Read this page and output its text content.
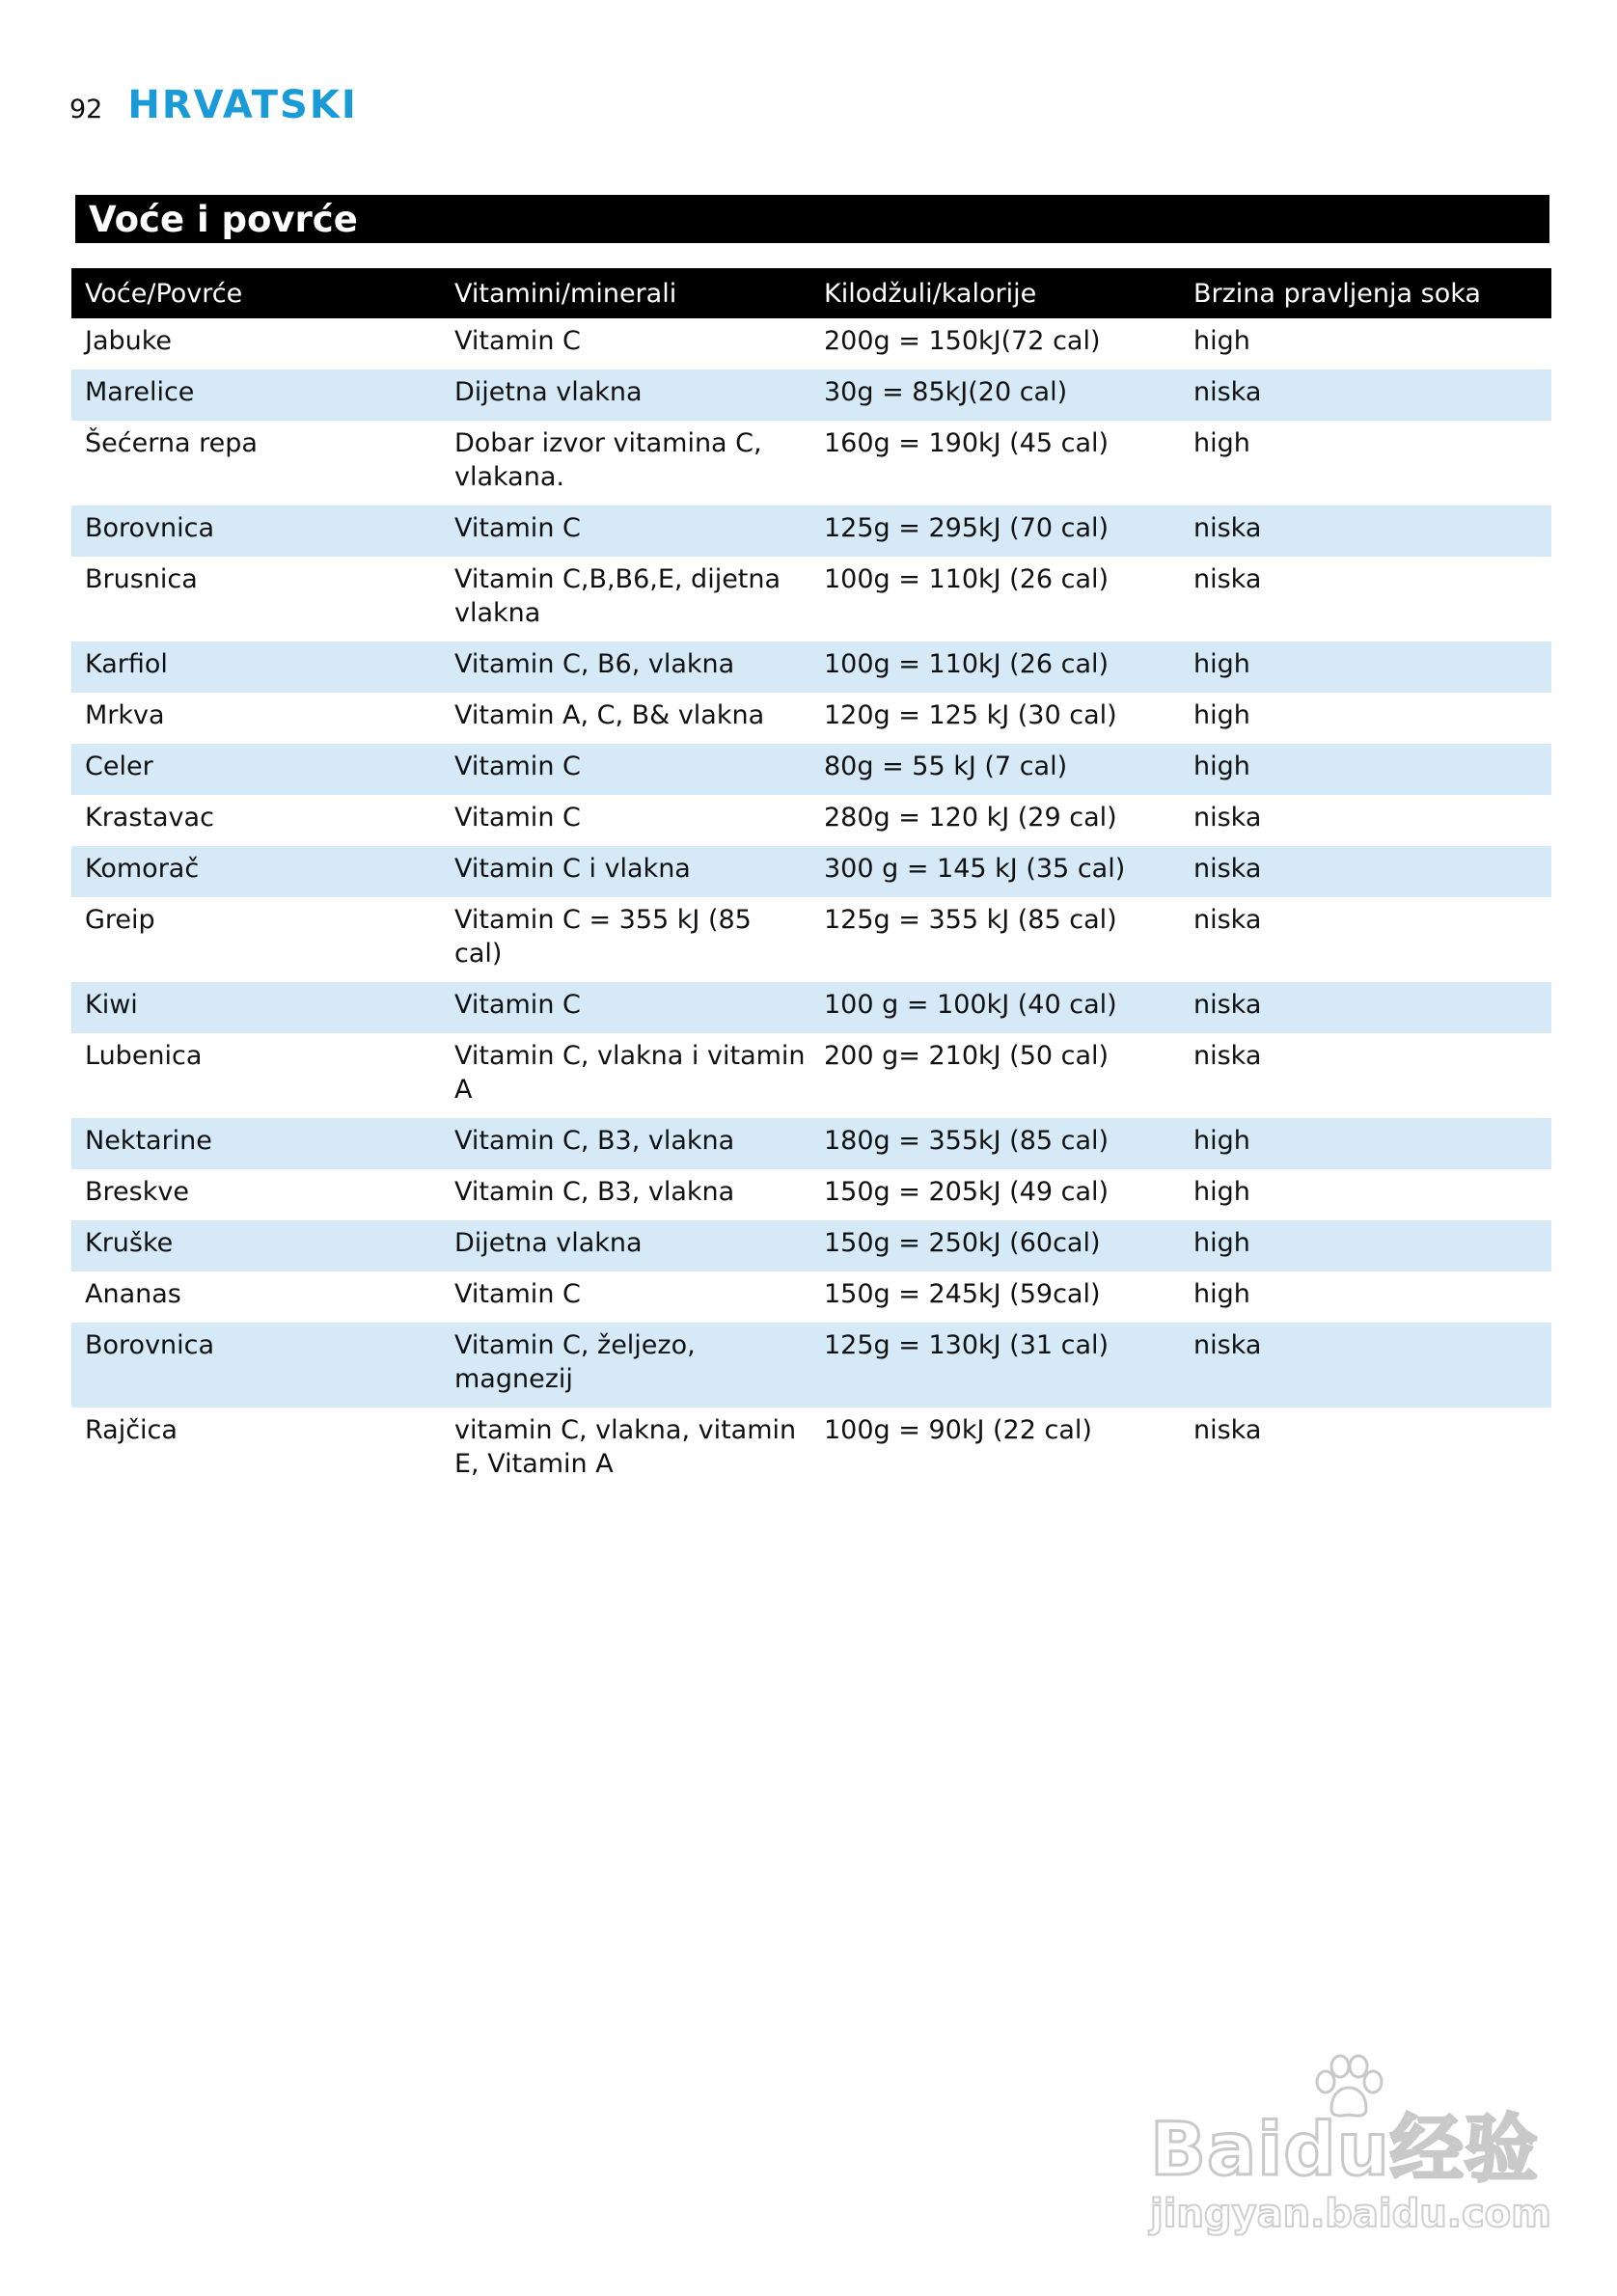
92 HRVATSKI
Voće i povrće
Voće/Povrće	Vitamini/minerali	Kilodžuli/kalorije	Brzina pravljenja soka
Jabuke	Vitamin C	200g = 150kJ(72 cal)	high
Marelice	Dijetna vlakna	30g = 85kJ(20 cal)	niska
Šećerna repa	Dobar izvor vitamina C, vlakana.	160g = 190kJ (45 cal)	high
Borovnica	Vitamin C	125g = 295kJ (70 cal)	niska
Brusnica	Vitamin C,B,B6,E, dijetna vlakna	100g = 110kJ (26 cal)	niska
Karfiol	Vitamin C, B6, vlakna	100g = 110kJ (26 cal)	high
Mrkva	Vitamin A, C, B& vlakna	120g = 125 kJ (30 cal)	high
Celer	Vitamin C	80g = 55 kJ (7 cal)	high
Krastavac	Vitamin C	280g = 120 kJ (29 cal)	niska
Komorač	Vitamin C i vlakna	300 g = 145 kJ (35 cal)	niska
Greip	Vitamin C = 355 kJ (85 cal)	125g = 355 kJ (85 cal)	niska
Kiwi	Vitamin C	100 g = 100kJ (40 cal)	niska
Lubenica	Vitamin C, vlakna i vitamin A	200 g= 210kJ (50 cal)	niska
Nektarine	Vitamin C, B3, vlakna	180g = 355kJ (85 cal)	high
Breskve	Vitamin C, B3, vlakna	150g = 205kJ (49 cal)	high
Kruške	Dijetna vlakna	150g = 250kJ (60cal)	high
Ananas	Vitamin C	150g = 245kJ (59cal)	high
Borovnica	Vitamin C, željezo, magnezij	125g = 130kJ (31 cal)	niska
Rajčica	vitamin C, vlakna, vitamin E, Vitamin A	100g = 90kJ (22 cal)	niska
Baidu经验
jingyan.baidu.com
